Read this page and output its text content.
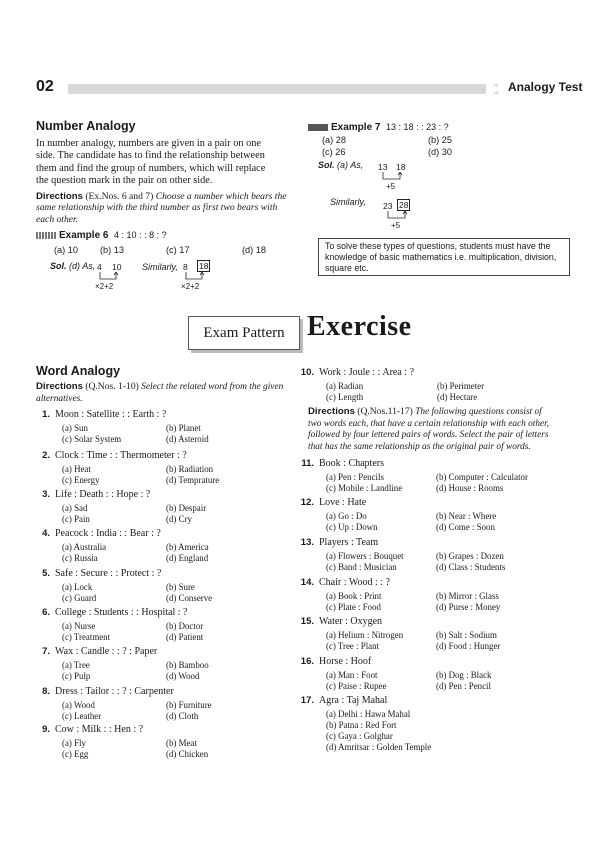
02	Analogy Test
Number Analogy
In number analogy, numbers are given in a pair on one
side. The candidate has to find the relationship between
them and find the group of numbers, which will replace
the question mark in the pair on other side.
Directions (Ex.Nos. 6 and 7) Choose a number which bears the
same relationship with the third number as first two bears with
each other.
Example 6 4 : 10 : : 8 : ?
(a) 10 (b) 13	(c) 17	(d) 18
Sol. (d) As, 4 10
×2+2
Similarly, 8 18
×2+2
Example 7 13 : 18 : : 23 : ?
(a) 28	(b) 25
(c) 26	(d) 30
Sol. (a) As, 13 18
+5
Similarly, 23 28
+5
To solve these types of questions, students must have the knowledge of basic mathematics i.e. multiplication, division, square etc.
Exam Pattern Exercise
Word Analogy
Directions (Q.Nos. 1-10) Select the related word from the given
alternatives.
1. Moon : Satellite : : Earth : ?
(a) Sun	(b) Planet
(c) Solar System	(d) Asteroid
2. Clock : Time : : Thermometer : ?
(a) Heat	(b) Radiation
(c) Energy	(d) Temprature
3. Life : Death : : Hope : ?
(a) Sad	(b) Despair
(c) Pain	(d) Cry
4. Peacock : India : : Bear : ?
(a) Australia	(b) America
(c) Russia	(d) England
5. Safe : Secure : : Protect : ?
(a) Lock	(b) Sure
(c) Guard	(d) Conserve
6. College : Students : : Hospital : ?
(a) Nurse	(b) Doctor
(c) Treatment	(d) Patient
7. Wax : Candle : : ? : Paper
(a) Tree	(b) Bamboo
(c) Pulp	(d) Wood
8. Dress : Tailor : : ? : Carpenter
(a) Wood	(b) Furniture
(c) Leather	(d) Cloth
9. Cow : Milk : : Hen : ?
(a) Fly	(b) Meat
(c) Egg	(d) Chicken
10. Work : Joule : : Area : ?
(a) Radian	(b) Perimeter
(c) Length	(d) Hectare
11. Book : Chapters
(a) Pen : Pencils	(b) Computer : Calculator
(c) Mobile : Landline	(d) House : Rooms
12. Love : Hate
(a) Go : Do	(b) Near : Where
(c) Up : Down	(d) Come : Soon
13. Players : Team
(a) Flowers : Bouquet	(b) Grapes : Dozen
(c) Band : Musician	(d) Class : Students
14. Chair : Wood : : ?
(a) Book : Print	(b) Mirror : Glass
(c) Plate : Food	(d) Purse : Money
15. Water : Oxygen
(a) Helium : Nitrogen	(b) Salt : Sodium
(c) Tree : Plant	(d) Food : Hunger
16. Horse : Hoof
(a) Man : Foot	(b) Dog : Black
(c) Paise : Rupee	(d) Pen : Pencil
17. Agra : Taj Mahal
(a) Delhi : Hawa Mahal
(b) Patna : Red Fort
(c) Gaya : Golghar
(d) Amritsar : Golden Temple
Directions (Q.Nos.11-17) The following questions consist of
two words each, that have a certain relationship with each other,
followed by four lettered pairs of words. Select the pair of letters
that has the same relationship as the original pair of words.
